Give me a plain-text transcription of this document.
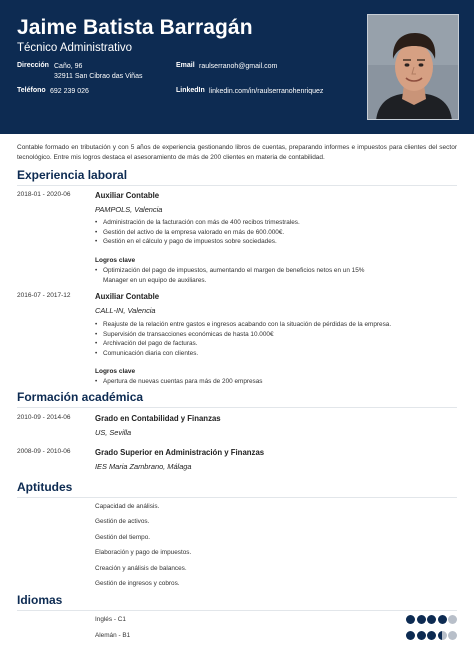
Jaime Batista Barragán
Técnico Administrativo
Dirección Caño, 96
32911 San Cibrao das Viñas
Teléfono 692 239 026
Email raulserranoh@gmail.com
LinkedIn linkedin.com/in/raulserranohenriquez
Contable formado en tributación y con 5 años de experiencia gestionando libros de cuentas, preparando informes e impuestos para clientes del sector tecnológico. Entre mis logros destaca el asesoramiento de más de 200 clientes en materia de contabilidad.
Experiencia laboral
2018-01 - 2020-06	Auxiliar Contable
PAMPOLS, Valencia
• Administración de la facturación con más de 400 recibos trimestrales.
• Gestión del activo de la empresa valorado en más de 600.000€.
• Gestión en el cálculo y pago de impuestos sobre sociedades.
Logros clave
• Optimización del pago de impuestos, aumentando el margen de beneficios netos en un 15%
Manager en un equipo de auxiliares.
2016-07 - 2017-12	Auxiliar Contable
CALL-IN, Valencia
• Reajuste de la relación entre gastos e ingresos acabando con la situación de pérdidas de la empresa.
• Supervisión de transacciones económicas de hasta 10.000€
• Archivación del pago de facturas.
• Comunicación diaria con clientes.
Logros clave
• Apertura de nuevas cuentas para más de 200 empresas
Formación académica
2010-09 - 2014-06	Grado en Contabilidad y Finanzas
US, Sevilla
2008-09 - 2010-06	Grado Superior en Administración y Finanzas
IES Maria Zambrano, Málaga
Aptitudes
Capacidad de análisis.
Gestión de activos.
Gestión del tiempo.
Elaboración y pago de impuestos.
Creación y análisis de balances.
Gestión de ingresos y cobros.
Idiomas
Inglés - C1
Alemán - B1
